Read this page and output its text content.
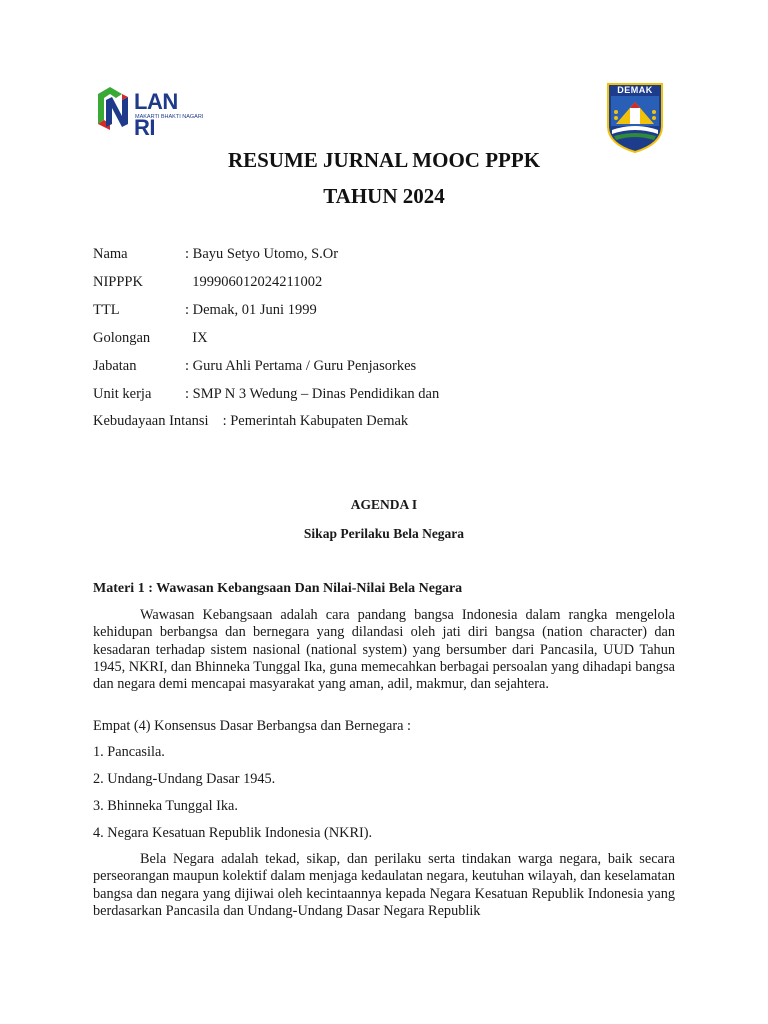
LAN RI
MAKARTI BHAKTI NAGARI
DEMAK
RESUME JURNAL MOOC PPPK
TAHUN 2024
Nama	: Bayu Setyo Utomo, S.Or
NIPPPK	199906012024211002
TTL	: Demak, 01 Juni 1999
Golongan  IX
Jabatan	: Guru Ahli Pertama / Guru Penjasorkes
Unit kerja : SMP N 3 Wedung – Dinas Pendidikan dan
Kebudayaan Intansi : Pemerintah Kabupaten Demak
AGENDA I
Sikap Perilaku Bela Negara
Materi 1 : Wawasan Kebangsaan Dan Nilai-Nilai Bela Negara

Wawasan Kebangsaan adalah cara pandang bangsa Indonesia dalam rangka mengelola kehidupan berbangsa dan bernegara yang dilandasi oleh jati diri bangsa (nation character) dan kesadaran terhadap sistem nasional (national system) yang bersumber dari Pancasila, UUD Tahun 1945, NKRI, dan Bhinneka Tunggal Ika, guna memecahkan berbagai persoalan yang dihadapi bangsa dan negara demi mencapai masyarakat yang aman, adil, makmur, dan sejahtera.

Empat (4) Konsensus Dasar Berbangsa dan Bernegara :
1. Pancasila.
2. Undang-Undang Dasar 1945.
3. Bhinneka Tunggal Ika.
4. Negara Kesatuan Republik Indonesia (NKRI).

Bela Negara adalah tekad, sikap, dan perilaku serta tindakan warga negara, baik secara perseorangan maupun kolektif dalam menjaga kedaulatan negara, keutuhan wilayah, dan keselamatan bangsa dan negara yang dijiwai oleh kecintaannya kepada Negara Kesatuan Republik Indonesia yang berdasarkan Pancasila dan Undang-Undang Dasar Negara Republik
